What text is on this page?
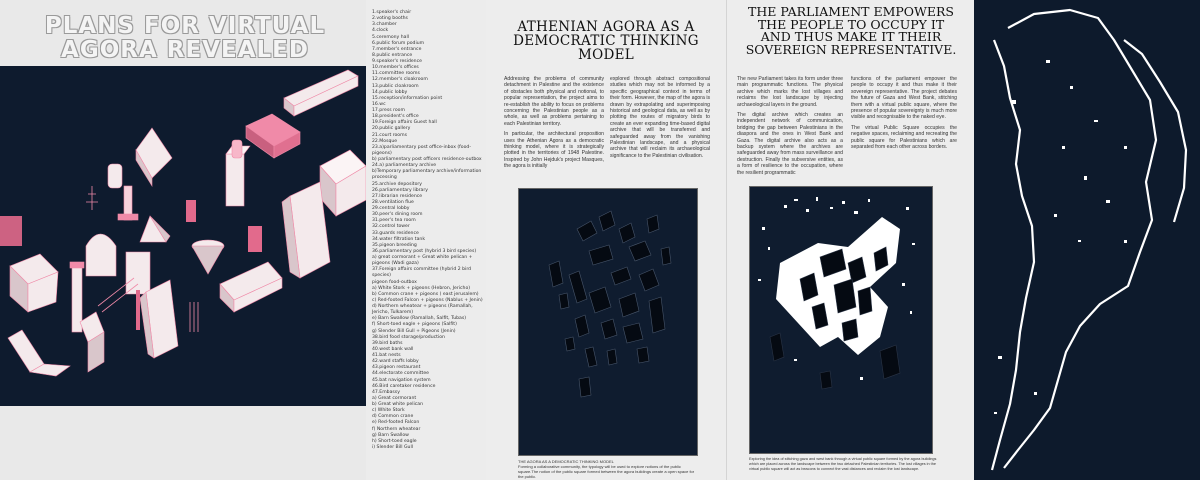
PLANS FOR VIRTUAL
AGORA REVEALED
1.speaker's chair
2.voting booths
3.chamber
4.clock
5.ceremony hall
6.public forum podium
7.member's entrance
8.public entrance
9.speaker's residence
10.member's offices
11.committee rooms
12.member's cloakroom
13.public cloakroom
14.public lobby
15.reception/information point
16.wc
17.press room
18.president's office
19.Foreign affairs Guest hall
20.public gallery
21.court rooms
22.Mosque
23.a)parliamentary post office-inbox (food-pigeons)
b) parliamentary post officers residence-outbox
24.a) parliamentary archive
b)Temporary parliamentary archive/information processing
25.archive depository
26.parliamentary library
27.librarian residence
28.ventilation flue
29.central lobby
30.peer's dining room
31.peer's tea room
32.control tower
33.guards residence
34.water filtration tank
35.pigeon breeding
36.parliamentary post (hybrid 3 bird species)
a) great cormorant + Great white pelican + pigeons (Wadi gaza)
37.Foreign affairs committee (hybrid 2 bird species)
pigeon food-outbox
a) White Stork + pigeons (Hebron, Jericho)
b) Common crane + pigeons ( east jerusalem)
c) Red-footed Falcon + pigeons (Nablus + Jenin)
d) Northern wheatear + pigeons (Ramallah, Jericho, Tulkarem)
e) Barn Swallow (Ramallah, Salfit, Tubas)
f) Short-toed eagle + pigeons (Salfit)
g) Slender Bill Gull + Pigeons (Jenin)
38.bird food storage/production
39.bird baths
40.west bank wall
41.bat nests
42.ward staffs lobby
43.pigeon restaurant
44.electorate committee
45.bat navigation system
46.Bird caretaker residence
47.Embassy
a) Great cormorant
b) Great white pelican
c) White Stork
d) Common crane
e) Red-footed Falcon
f) Northern wheatear
g) Barn Swallow
h) Short-toed eagle
i) Slender Bill Gull
ATHENIAN AGORA AS A DEMOCRATIC THINKING MODEL

Addressing the problems of community detachment in Palestine and the existence of obstacles both physical and notional, to popular representation, the project aims to re-establish the ability to focus on problems concerning the Palestinian people as a whole, as well as problems pertaining to each Palestinian territory.

In particular, the architectural proposition uses the Athenian Agora as a democratic thinking model, where it is strategically plotted in the territories of 1948 Palestine. Inspired by John Hejduk's project Masques, the agora is initially

explored through abstract compositional studies which may not be informed by a specific geographical context in terms of their form. However, the map of the agora is drawn by extrapolating and superimposing historical and geological data, as well as by plotting the routes of migratory birds to create an ever expanding time-based digital archive that will be transferred and safeguarded away from the vanishing Palestinian landscape, and a physical archive that will reclaim its archaeological significance to the Palestinian civilisation.

THE AGORA AS A DEMOCRATIC THINKING MODEL
Forming a collaborative community, the typology will be used to explore notions of the public square.The notion of the public square formed between the agora buildings create a open space for the public.
THE PARLIAMENT EMPOWERS THE PEOPLE TO OCCUPY IT AND THUS MAKE IT THEIR SOVEREIGN REPRESENTATIVE.

The new Parliament takes its form under three main programmatic functions. The physical archive which marks the lost villages and reclaims the lost landscape by injecting archaeological layers in the ground.

The digital archive which creates an independent network of communication, bridging the gap between Palestinians in the diaspora and the ones in West Bank and Gaza. The digital archive also acts as a backup system where the archives are safeguarded away from mass surveillance and destruction. Finally the subversive entities, as a form of resilience to the occupation, where the resilient programmatic

functions of the parliament empower the people to occupy it and thus make it their sovereign representative. The project debates the future of Gaza and West Bank, stitching them with a virtual public square, where the presence of popular sovereignty is much more visible and recognisable to the naked eye.

The virtual Public Square occupies the negative spaces, reclaiming and recreating the public square for Palestinians which are separated from each other across borders.

Exploring the idea of stitching gaza and west bank through a virtual public square formed by the agora buildings which are placed across the landscape between the two detached Palestinian territories. The lost villages in the virtual public square will act as beacons to connect the vast distances and reclaim the lost landscape.
